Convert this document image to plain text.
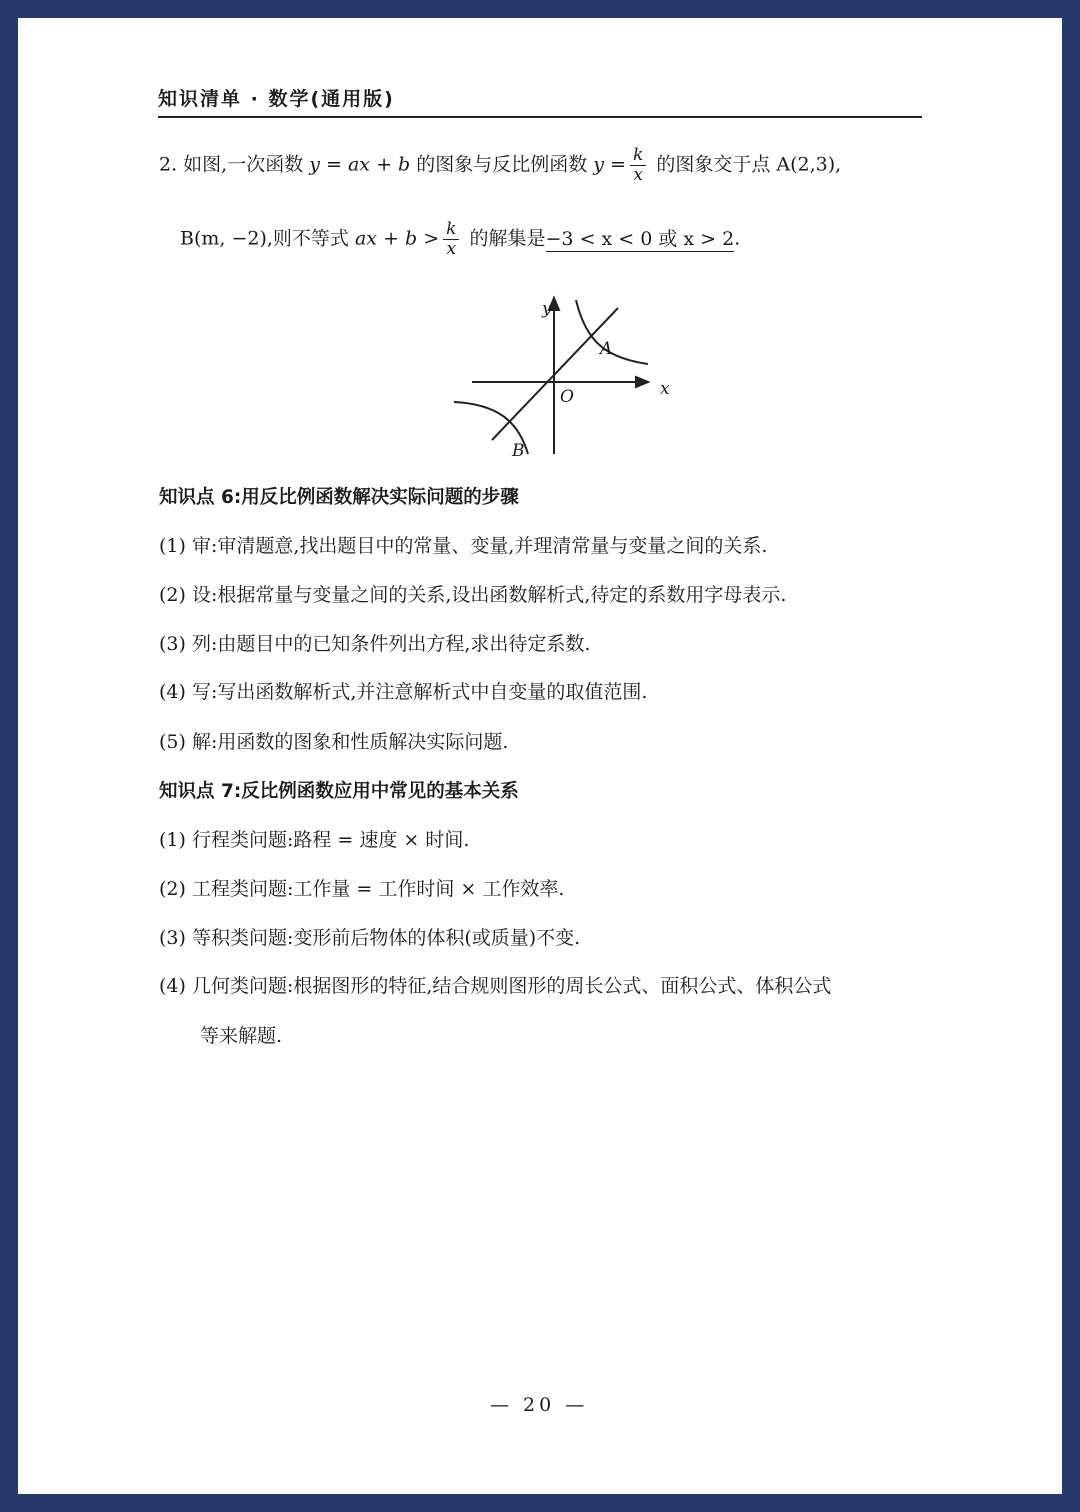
知识清单 · 数学(通用版)
2. 如图,一次函数 y = ax + b 的图象与反比例函数 $y = \frac{k}{x}$ 的图象交于点 A(2,3),
B(m, −2),则不等式 ax + $b > \frac{k}{x}$ 的解集是−3 < x < 0 或 x > 2.
y
x
O
A
B
知识点 6:用反比例函数解决实际问题的步骤
(1) 审:审清题意,找出题目中的常量、变量,并理清常量与变量之间的关系.
(2) 设:根据常量与变量之间的关系,设出函数解析式,待定的系数用字母表示.
(3) 列:由题目中的已知条件列出方程,求出待定系数.
(4) 写:写出函数解析式,并注意解析式中自变量的取值范围.
(5) 解:用函数的图象和性质解决实际问题.
知识点 7:反比例函数应用中常见的基本关系
(1) 行程类问题:路程 = 速度 × 时间.
(2) 工程类问题:工作量 = 工作时间 × 工作效率.
(3) 等积类问题:变形前后物体的体积(或质量)不变.
(4) 几何类问题:根据图形的特征,结合规则图形的周长公式、面积公式、体积公式
等来解题.
— 20 —
